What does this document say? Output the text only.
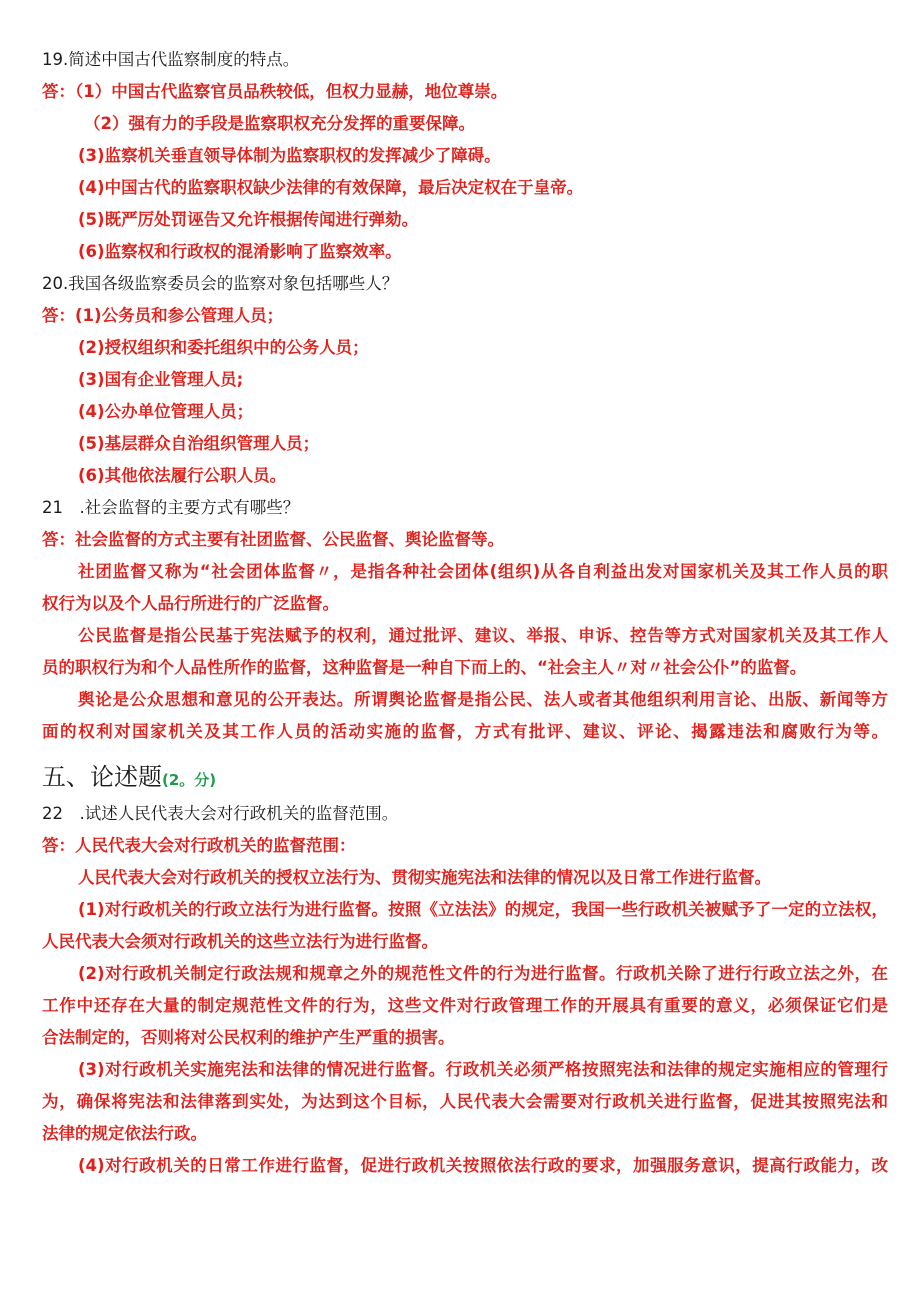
19.简述中国古代监察制度的特点。
答：（1）中国古代监察官员品秩较低，但权力显赫，地位尊崇。
（2）强有力的手段是监察职权充分发挥的重要保障。
(3)监察机关垂直领导体制为监察职权的发挥减少了障碍。
(4)中国古代的监察职权缺少法律的有效保障，最后决定权在于皇帝。
(5)既严厉处罚诬告又允许根据传闻进行弹劾。
(6)监察权和行政权的混淆影响了监察效率。
20.我国各级监察委员会的监察对象包括哪些人？
答：(1)公务员和参公管理人员；
(2)授权组织和委托组织中的公务人员；
(3)国有企业管理人员;
(4)公办单位管理人员；
(5)基层群众自治组织管理人员；
(6)其他依法履行公职人员。
21　.社会监督的主要方式有哪些？
答：社会监督的方式主要有社团监督、公民监督、舆论监督等。
社团监督又称为“社会团体监督〃，是指各种社会团体(组织)从各自利益出发对国家机关及其工作人员的职
权行为以及个人品行所进行的广泛监督。
公民监督是指公民基于宪法赋予的权利，通过批评、建议、举报、申诉、控告等方式对国家机关及其工作人
员的职权行为和个人品性所作的监督，这种监督是一种自下而上的、“社会主人〃对〃社会公仆”的监督。
舆论是公众思想和意见的公开表达。所谓舆论监督是指公民、法人或者其他组织利用言论、出版、新闻等方
面的权利对国家机关及其工作人员的活动实施的监督，方式有批评、建议、评论、揭露违法和腐败行为等。
五、论述题(2。分)
22　.试述人民代表大会对行政机关的监督范围。
答：人民代表大会对行政机关的监督范围：
人民代表大会对行政机关的授权立法行为、贯彻实施宪法和法律的情况以及日常工作进行监督。
(1)对行政机关的行政立法行为进行监督。按照《立法法》的规定，我国一些行政机关被赋予了一定的立法权，
人民代表大会须对行政机关的这些立法行为进行监督。
(2)对行政机关制定行政法规和规章之外的规范性文件的行为进行监督。行政机关除了进行行政立法之外，在
工作中还存在大量的制定规范性文件的行为，这些文件对行政管理工作的开展具有重要的意义，必须保证它们是
合法制定的，否则将对公民权利的维护产生严重的损害。
(3)对行政机关实施宪法和法律的情况进行监督。行政机关必须严格按照宪法和法律的规定实施相应的管理行
为，确保将宪法和法律落到实处，为达到这个目标，人民代表大会需要对行政机关进行监督，促进其按照宪法和
法律的规定依法行政。
(4)对行政机关的日常工作进行监督，促进行政机关按照依法行政的要求，加强服务意识，提高行政能力，改
